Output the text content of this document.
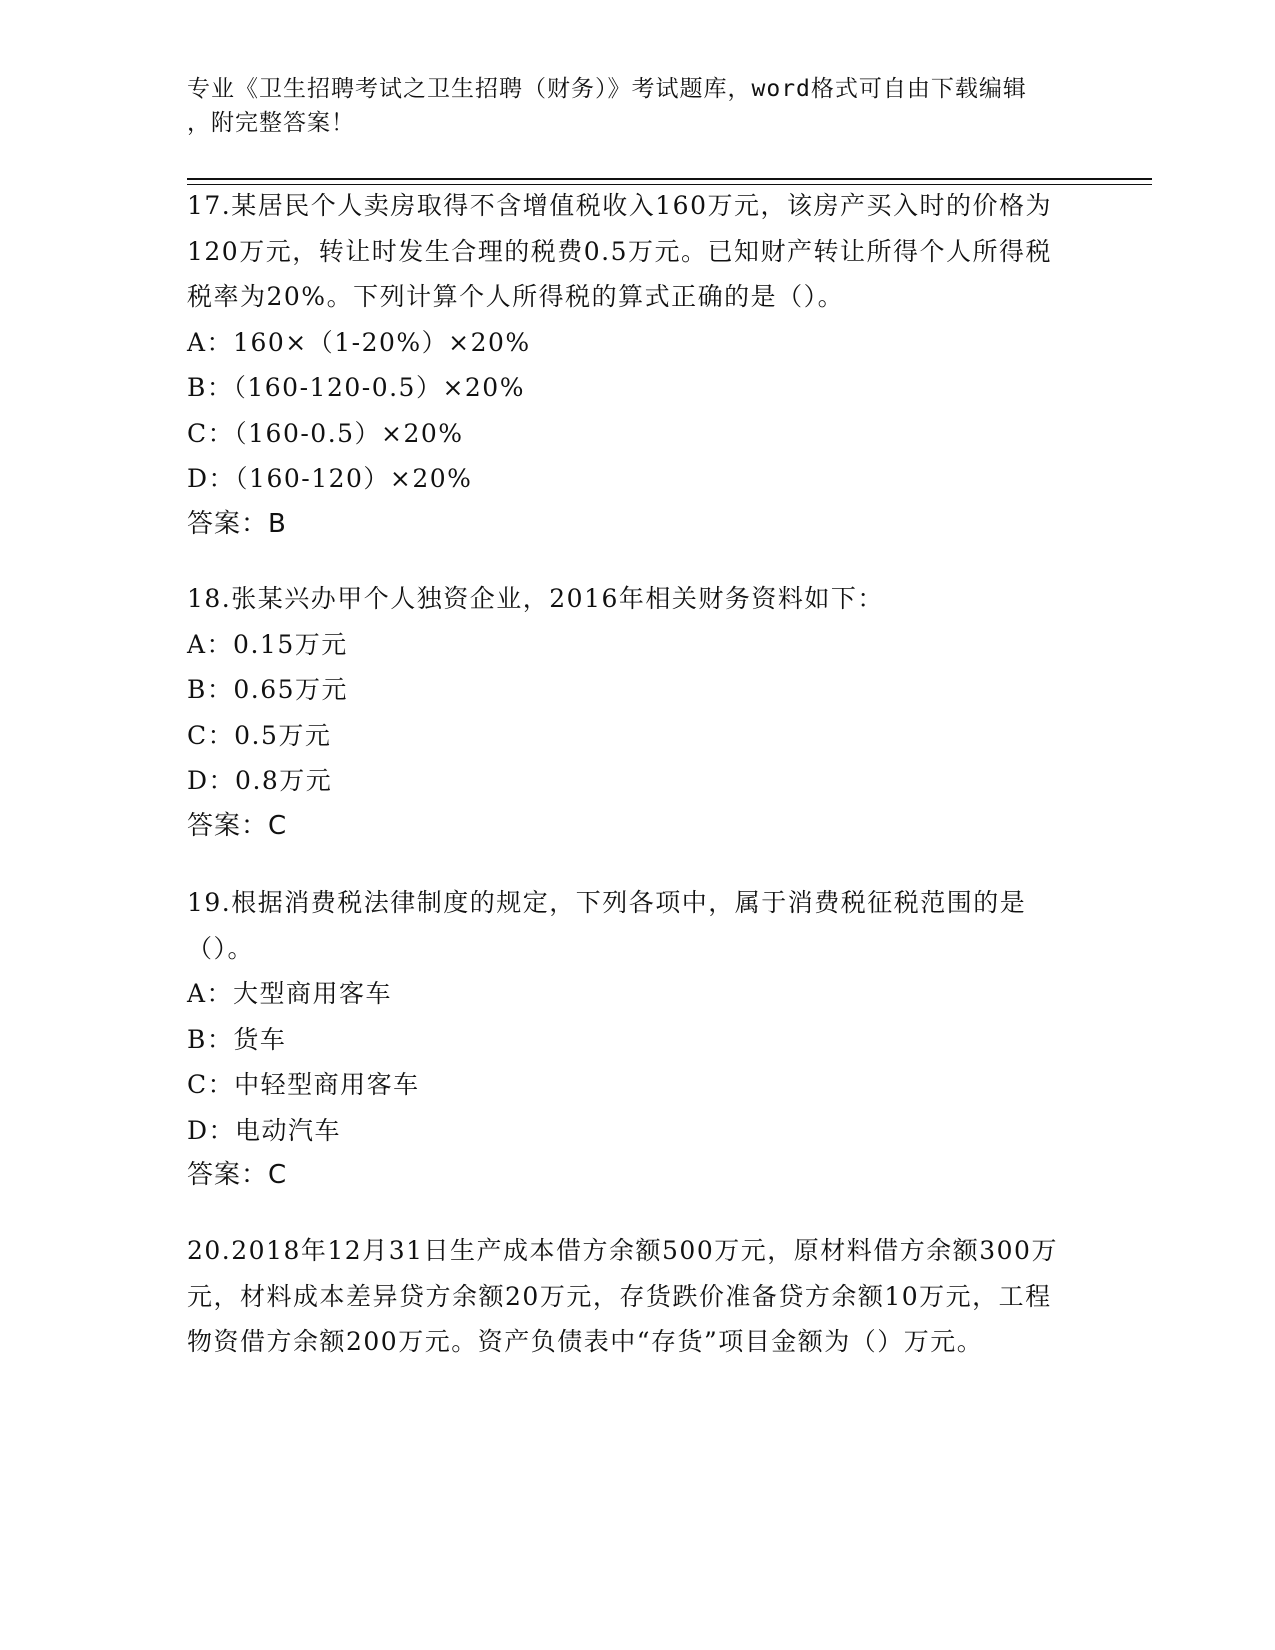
专业《卫生招聘考试之卫生招聘（财务）》考试题库，word格式可自由下载编辑
，附完整答案！

17.某居民个人卖房取得不含增值税收入160万元，该房产买入时的价格为120万元，转让时发生合理的税费0.5万元。已知财产转让所得个人所得税税率为20%。下列计算个人所得税的算式正确的是（）。

A：160×（1-20%）×20%
B：（160-120-0.5）×20%
C：（160-0.5）×20%
D：（160-120）×20%
答案：B

18.张某兴办甲个人独资企业，2016年相关财务资料如下：

A：0.15万元
B：0.65万元
C：0.5万元
D：0.8万元
答案：C

19.根据消费税法律制度的规定，下列各项中，属于消费税征税范围的是（）。

A：大型商用客车
B：货车
C：中轻型商用客车
D：电动汽车
答案：C

20.2018年12月31日生产成本借方余额500万元，原材料借方余额300万元，材料成本差异贷方余额20万元，存货跌价准备贷方余额10万元，工程物资借方余额200万元。资产负债表中“存货”项目金额为（）万元。
